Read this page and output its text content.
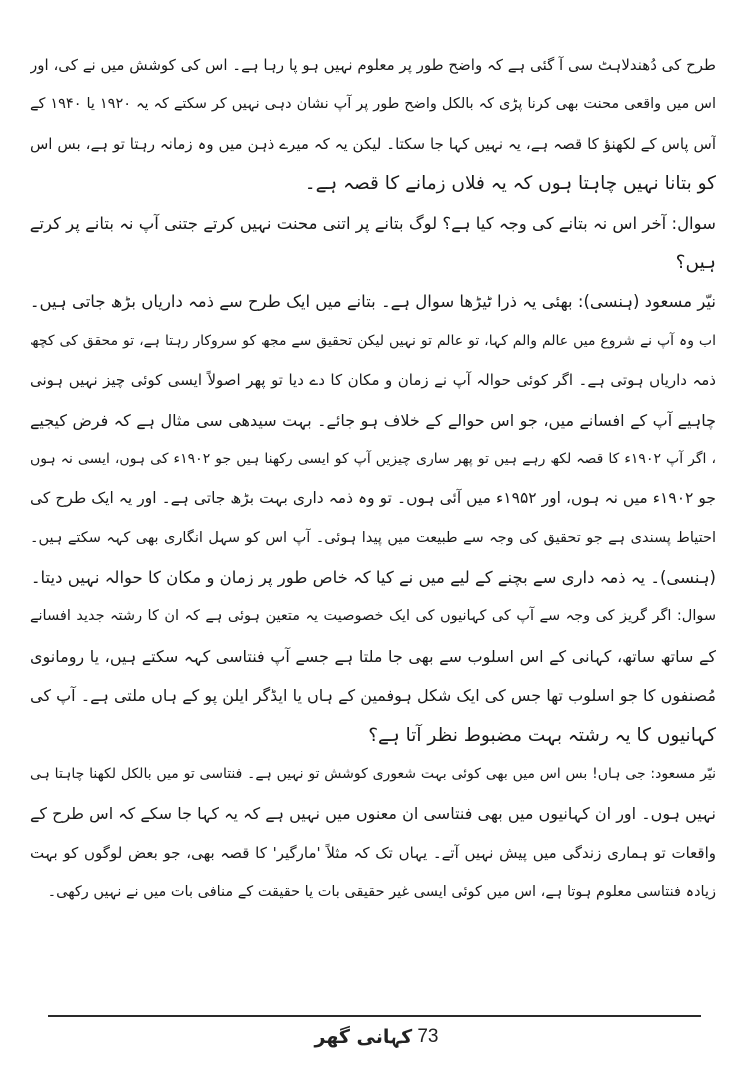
طرح کی دُھندلاہٹ سی آ گئی ہے کہ واضح طور پر معلوم نہیں ہو پا رہا ہے۔ اس کی کوشش میں نے کی، اور
اس میں واقعی محنت بھی کرنا پڑی کہ بالکل واضح طور پر آپ نشان دہی نہیں کر سکتے کہ یہ ۱۹۲۰ یا ۱۹۴۰ کے
آس پاس کے لکھنؤ کا قصہ ہے، یہ نہیں کہا جا سکتا۔ لیکن یہ کہ میرے ذہن میں وہ زمانہ رہتا تو ہے، بس اس
کو بتانا نہیں چاہتا ہوں کہ یہ فلاں زمانے کا قصہ ہے۔
سوال: آخر اس نہ بتانے کی وجہ کیا ہے؟ لوگ بتانے پر اتنی محنت نہیں کرتے جتنی آپ نہ بتانے پر کرتے
ہیں؟
نیّر مسعود (ہنسی): بھئی یہ ذرا ٹیڑھا سوال ہے۔ بتانے میں ایک طرح سے ذمہ داریاں بڑھ جاتی ہیں۔
اب وہ آپ نے شروع میں عالم والم کہا، تو عالم تو نہیں لیکن تحقیق سے مجھ کو سروکار رہتا ہے، تو محقق کی کچھ
ذمہ داریاں ہوتی ہے۔ اگر کوئی حوالہ آپ نے زمان و مکان کا دے دیا تو پھر اصولاً ایسی کوئی چیز نہیں ہونی
چاہیے آپ کے افسانے میں، جو اس حوالے کے خلاف ہو جائے۔ بہت سیدھی سی مثال ہے کہ فرض کیجیے
، اگر آپ ۱۹۰۲ء کا قصہ لکھ رہے ہیں تو پھر ساری چیزیں آپ کو ایسی رکھنا ہیں جو ۱۹۰۲ء کی ہوں، ایسی نہ ہوں
جو ۱۹۰۲ء میں نہ ہوں، اور ۱۹۵۲ء میں آئی ہوں۔ تو وہ ذمہ داری بہت بڑھ جاتی ہے۔ اور یہ ایک طرح کی
احتیاط پسندی ہے جو تحقیق کی وجہ سے طبیعت میں پیدا ہوئی۔ آپ اس کو سہل انگاری بھی کہہ سکتے ہیں۔
(ہنسی)۔ یہ ذمہ داری سے بچنے کے لیے میں نے کیا کہ خاص طور پر زمان و مکان کا حوالہ نہیں دیتا۔
سوال: اگر گریز کی وجہ سے آپ کی کہانیوں کی ایک خصوصیت یہ متعین ہوئی ہے کہ ان کا رشتہ جدید افسانے
کے ساتھ ساتھ، کہانی کے اس اسلوب سے بھی جا ملتا ہے جسے آپ فنتاسی کہہ سکتے ہیں، یا رومانوی
مُصنفوں کا جو اسلوب تھا جس کی ایک شکل ہوفمین کے ہاں یا ایڈگر ایلن پو کے ہاں ملتی ہے۔ آپ کی
کہانیوں کا یہ رشتہ بہت مضبوط نظر آتا ہے؟
نیّر مسعود: جی ہاں! بس اس میں بھی کوئی بہت شعوری کوشش تو نہیں ہے۔ فنتاسی تو میں بالکل لکھنا چاہتا ہی
نہیں ہوں۔ اور ان کہانیوں میں بھی فنتاسی ان معنوں میں نہیں ہے کہ یہ کہا جا سکے کہ اس طرح کے
واقعات تو ہماری زندگی میں پیش نہیں آتے۔ یہاں تک کہ مثلاً 'مارگیر' کا قصہ بھی، جو بعض لوگوں کو بہت
زیادہ فنتاسی معلوم ہوتا ہے، اس میں کوئی ایسی غیر حقیقی بات یا حقیقت کے منافی بات میں نے نہیں رکھی۔
کہانی گھر 73
